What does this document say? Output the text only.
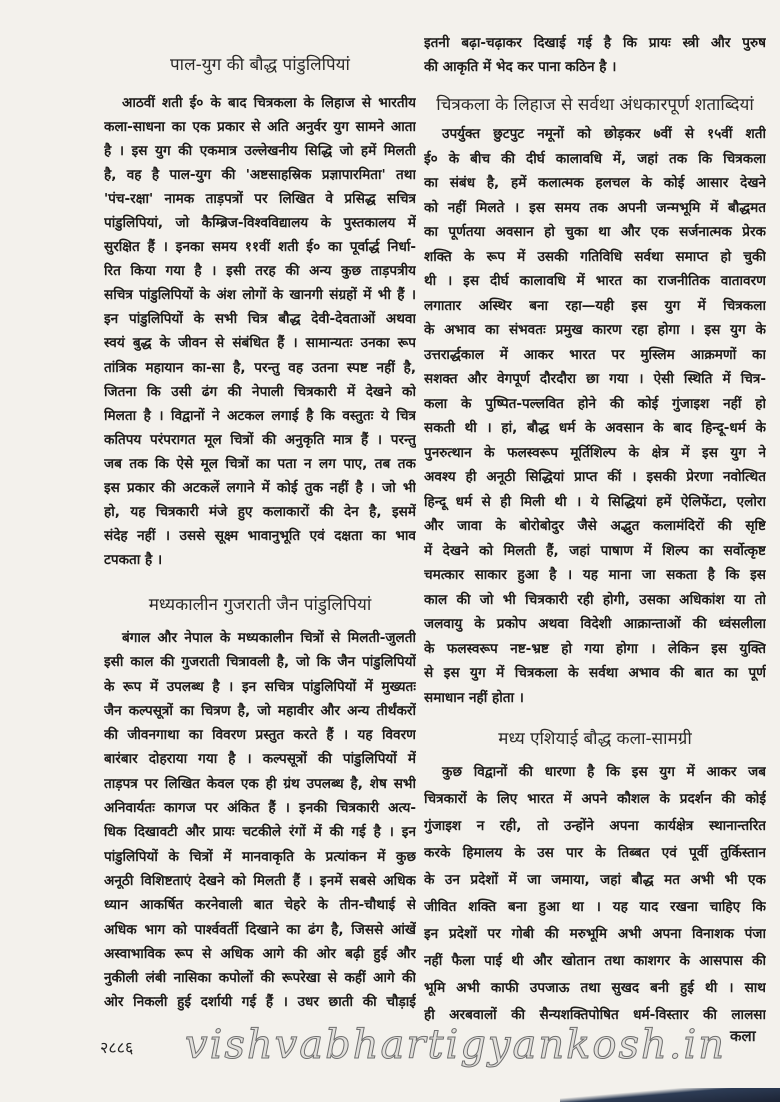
vishvabhartigyankosh.in
२८८६
कला
पाल-युग की बौद्ध पांडुलिपियां
आठवीं शती ई० के बाद चित्रकला के लिहाज से भारतीय
कला-साधना का एक प्रकार से अति अनुर्वर युग सामने आता
है । इस युग की एकमात्र उल्लेखनीय सिद्धि जो हमें मिलती
है, वह है पाल-युग की 'अष्टसाहस्रिक प्रज्ञापारमिता' तथा
'पंच-रक्षा' नामक ताड़पत्रों पर लिखित वे प्रसिद्ध सचित्र
पांडुलिपियां, जो कैम्ब्रिज-विश्वविद्यालय के पुस्तकालय में
सुरक्षित हैं । इनका समय ११वीं शती ई० का पूर्वार्द्ध निर्धा-
रित किया गया है । इसी तरह की अन्य कुछ ताड़पत्रीय
सचित्र पांडुलिपियों के अंश लोगों के खानगी संग्रहों में भी हैं ।
इन पांडुलिपियों के सभी चित्र बौद्ध देवी-देवताओं अथवा
स्वयं बुद्ध के जीवन से संबंधित हैं । सामान्यतः उनका रूप
तांत्रिक महायान का-सा है, परन्तु वह उतना स्पष्ट नहीं है,
जितना कि उसी ढंग की नेपाली चित्रकारी में देखने को
मिलता है । विद्वानों ने अटकल लगाई है कि वस्तुतः ये चित्र
कतिपय परंपरागत मूल चित्रों की अनुकृति मात्र हैं । परन्तु
जब तक कि ऐसे मूल चित्रों का पता न लग पाए, तब तक
इस प्रकार की अटकलें लगाने में कोई तुक नहीं है । जो भी
हो, यह चित्रकारी मंजे हुए कलाकारों की देन है, इसमें
संदेह नहीं । उससे सूक्ष्म भावानुभूति एवं दक्षता का भाव
टपकता है ।
मध्यकालीन गुजराती जैन पांडुलिपियां
बंगाल और नेपाल के मध्यकालीन चित्रों से मिलती-जुलती
इसी काल की गुजराती चित्रावली है, जो कि जैन पांडुलिपियों
के रूप में उपलब्ध है । इन सचित्र पांडुलिपियों में मुख्यतः
जैन कल्पसूत्रों का चित्रण है, जो महावीर और अन्य तीर्थंकरों
की जीवनगाथा का विवरण प्रस्तुत करते हैं । यह विवरण
बारंबार दोहराया गया है । कल्पसूत्रों की पांडुलिपियों में
ताड़पत्र पर लिखित केवल एक ही ग्रंथ उपलब्ध है, शेष सभी
अनिवार्यतः कागज पर अंकित हैं । इनकी चित्रकारी अत्य-
धिक दिखावटी और प्रायः चटकीले रंगों में की गई है । इन
पांडुलिपियों के चित्रों में मानवाकृति के प्रत्यांकन में कुछ
अनूठी विशिष्टताएं देखने को मिलती हैं । इनमें सबसे अधिक
ध्यान आकर्षित करनेवाली बात चेहरे के तीन-चौथाई से
अधिक भाग को पार्श्ववर्ती दिखाने का ढंग है, जिससे आंखें
अस्वाभाविक रूप से अधिक आगे की ओर बढ़ी हुई और
नुकीली लंबी नासिका कपोलों की रूपरेखा से कहीं आगे की
ओर निकली हुई दर्शायी गई हैं । उधर छाती की चौड़ाई
इतनी बढ़ा-चढ़ाकर दिखाई गई है कि प्रायः स्त्री और पुरुष
की आकृति में भेद कर पाना कठिन है ।
चित्रकला के लिहाज से सर्वथा अंधकारपूर्ण शताब्दियां
उपर्युक्त छुटपुट नमूनों को छोड़कर ७वीं से १५वीं शती
ई० के बीच की दीर्घ कालावधि में, जहां तक कि चित्रकला
का संबंध है, हमें कलात्मक हलचल के कोई आसार देखने
को नहीं मिलते । इस समय तक अपनी जन्मभूमि में बौद्धमत
का पूर्णतया अवसान हो चुका था और एक सर्जनात्मक प्रेरक
शक्ति के रूप में उसकी गतिविधि सर्वथा समाप्त हो चुकी
थी । इस दीर्घ कालावधि में भारत का राजनीतिक वातावरण
लगातार अस्थिर बना रहा—यही इस युग में चित्रकला
के अभाव का संभवतः प्रमुख कारण रहा होगा । इस युग के
उत्तरार्द्धकाल में आकर भारत पर मुस्लिम आक्रमणों का
सशक्त और वेगपूर्ण दौरदौरा छा गया । ऐसी स्थिति में चित्र-
कला के पुष्पित-पल्लवित होने की कोई गुंजाइश नहीं हो
सकती थी । हां, बौद्ध धर्म के अवसान के बाद हिन्दू-धर्म के
पुनरुत्थान के फलस्वरूप मूर्तिशिल्प के क्षेत्र में इस युग ने
अवश्य ही अनूठी सिद्धियां प्राप्त कीं । इसकी प्रेरणा नवोत्थित
हिन्दू धर्म से ही मिली थी । ये सिद्धियां हमें ऐलिफेंटा, एलोरा
और जावा के बोरोबोदुर जैसे अद्भुत कलामंदिरों की सृष्टि
में देखने को मिलती हैं, जहां पाषाण में शिल्प का सर्वोत्कृष्ट
चमत्कार साकार हुआ है । यह माना जा सकता है कि इस
काल की जो भी चित्रकारी रही होगी, उसका अधिकांश या तो
जलवायु के प्रकोप अथवा विदेशी आक्रान्ताओं की ध्वंसलीला
के फलस्वरूप नष्ट-भ्रष्ट हो गया होगा । लेकिन इस युक्ति
से इस युग में चित्रकला के सर्वथा अभाव की बात का पूर्ण
समाधान नहीं होता ।
मध्य एशियाई बौद्ध कला-सामग्री
कुछ विद्वानों की धारणा है कि इस युग में आकर जब
चित्रकारों के लिए भारत में अपने कौशल के प्रदर्शन की कोई
गुंजाइश न रही, तो उन्होंने अपना कार्यक्षेत्र स्थानान्तरित
करके हिमालय के उस पार के तिब्बत एवं पूर्वी तुर्किस्तान
के उन प्रदेशों में जा जमाया, जहां बौद्ध मत अभी भी एक
जीवित शक्ति बना हुआ था । यह याद रखना चाहिए कि
इन प्रदेशों पर गोबी की मरुभूमि अभी अपना विनाशक पंजा
नहीं फैला पाई थी और खोतान तथा काशगर के आसपास की
भूमि अभी काफी उपजाऊ तथा सुखद बनी हुई थी । साथ
ही अरबवालों की सैन्यशक्तिपोषित धर्म-विस्तार की लालसा
